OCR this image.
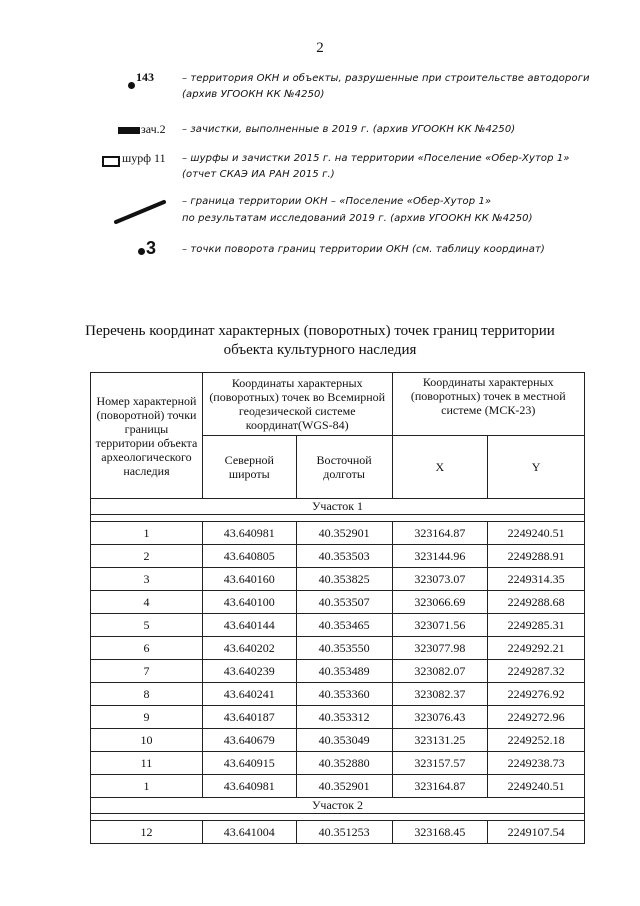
2
143	– территория ОКН и объекты, разрушенные при строительстве автодороги
(архив УГООКН КК №4250)
зач.2 – зачистки, выполненные в 2019 г. (архив УГООКН КК №4250)
шурф 11 – шурфы и зачистки 2015 г. на территории «Поселение «Обер-Хутор 1»
(отчет СКАЭ ИА РАН 2015 г.)
– граница территории ОКН – «Поселение «Обер-Хутор 1»
по результатам исследований 2019 г. (архив УГООКН КК №4250)
3	– точки поворота границ территории ОКН (см. таблицу координат)
Перечень координат характерных (поворотных) точек границ территории
объекта культурного наследия
Номер характерной (поворотной) точки границы территории объекта археологического наследия	Координаты характерных (поворотных) точек во Всемирной геодезической системе координат(WGS-84)		Координаты характерных (поворотных) точек в местной системе (МСК-23)	
	Северной широты	Восточной долготы	X	Y
Участок 1				

1	43.640981	40.352901	323164.87	2249240.51
2	43.640805	40.353503	323144.96	2249288.91
3	43.640160	40.353825	323073.07	2249314.35
4	43.640100	40.353507	323066.69	2249288.68
5	43.640144	40.353465	323071.56	2249285.31
6	43.640202	40.353550	323077.98	2249292.21
7	43.640239	40.353489	323082.07	2249287.32
8	43.640241	40.353360	323082.37	2249276.92
9	43.640187	40.353312	323076.43	2249272.96
10	43.640679	40.353049	323131.25	2249252.18
11	43.640915	40.352880	323157.57	2249238.73
1	43.640981	40.352901	323164.87	2249240.51
Участок 2				

12	43.641004	40.351253	323168.45	2249107.54
